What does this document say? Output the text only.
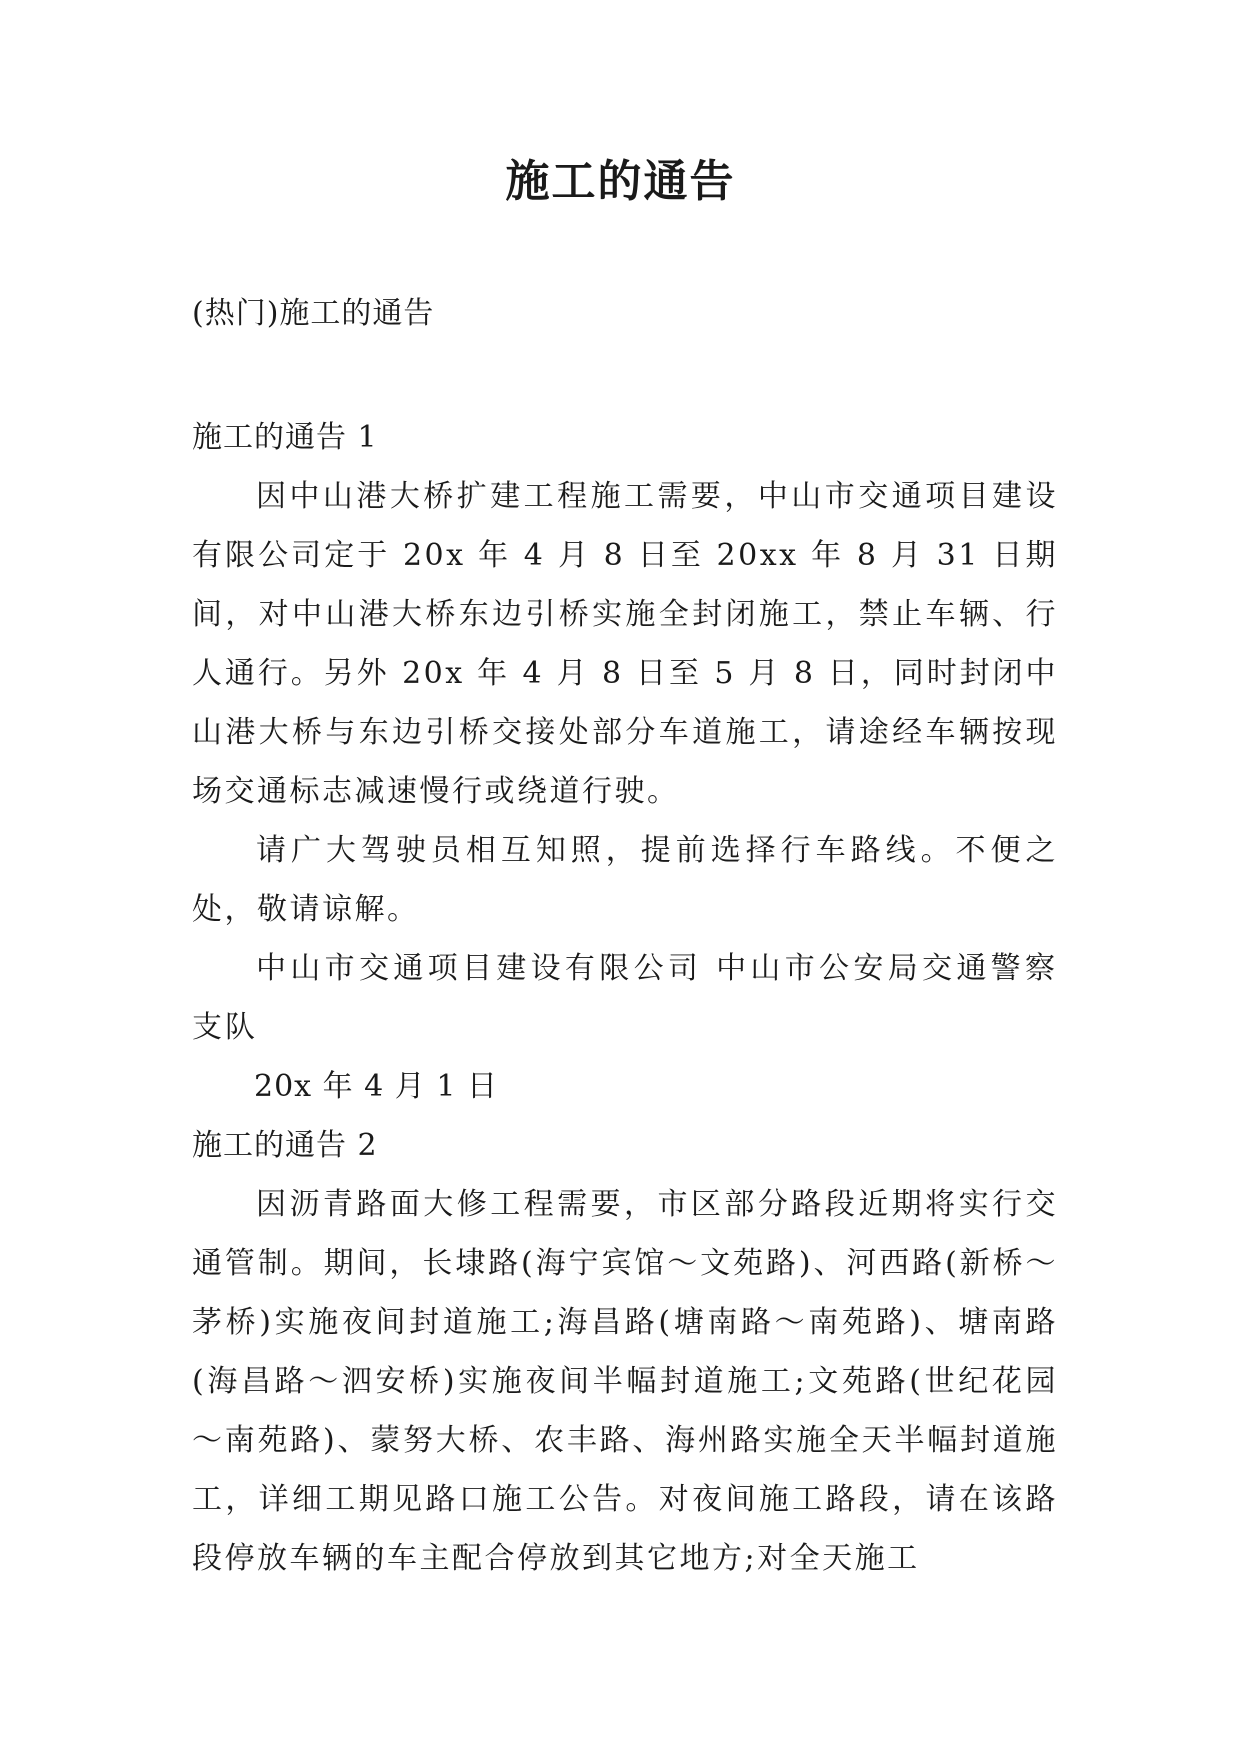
施工的通告

(热门)施工的通告

施工的通告 1

因中山港大桥扩建工程施工需要，中山市交通项目建设有限公司定于 20x 年 4 月 8 日至 20xx 年 8 月 31 日期间，对中山港大桥东边引桥实施全封闭施工，禁止车辆、行人通行。另外 20x 年 4 月 8 日至 5 月 8 日，同时封闭中山港大桥与东边引桥交接处部分车道施工，请途经车辆按现场交通标志减速慢行或绕道行驶。

请广大驾驶员相互知照，提前选择行车路线。不便之处，敬请谅解。

中山市交通项目建设有限公司 中山市公安局交通警察支队

20x 年 4 月 1 日

施工的通告 2

因沥青路面大修工程需要，市区部分路段近期将实行交通管制。期间，长埭路(海宁宾馆～文苑路)、河西路(新桥～茅桥)实施夜间封道施工;海昌路(塘南路～南苑路)、塘南路(海昌路～泗安桥)实施夜间半幅封道施工;文苑路(世纪花园～南苑路)、蒙努大桥、农丰路、海州路实施全天半幅封道施工，详细工期见路口施工公告。对夜间施工路段，请在该路段停放车辆的车主配合停放到其它地方;对全天施工
